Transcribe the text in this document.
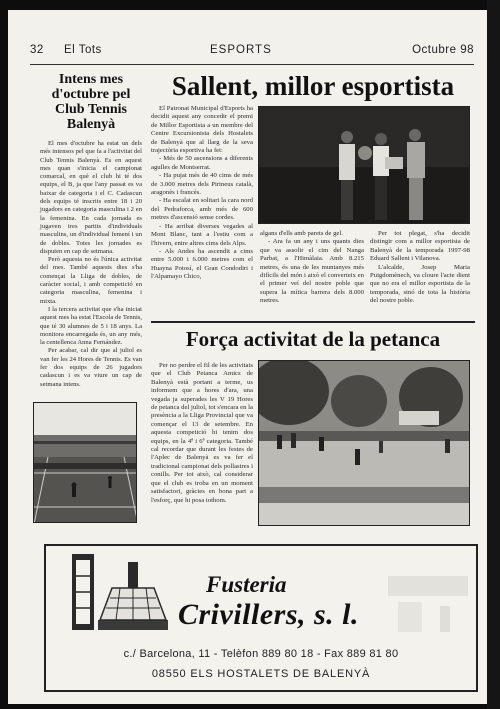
32 El Tots	ESPORTS	Octubre 98
Intens mes d'octubre pel Club Tennis Balenyà

El mes d'octubre ha estat un dels més intensos pel que fa a l'activitat del Club Tennis Balenyà. Es en aquest mes quan s'inicia el campionat comarcal, en què el club hi té dos equips, el B, ja que l'any passat es va baixar de categoria i el C. Cadascun dels equips té inscrits entre 18 i 20 jugadors en categoria masculina i 2 en la femenina. En cada jornada es jugaven tres partits d'individuals masculins, un d'individual femení i un de dobles. Totes les jornades es disputen en cap de setmana.

Però aquesta no és l'única activitat del mes. També aquests dies s'ha començat la Lliga de dobles, de caràcter social, i amb competició en categoria masculina, femenina i mixta.

I la tercera activitat que s'ha iniciat aquest mes ha estat l'Escola de Tennis, que té 30 alumnes de 5 i 18 anys. La monitora encarregada és, un any més, la centellenca Anna Fernández.

Per acabar, cal dir que al juliol es van fer les 24 Hores de Tennis. Es van fer dos equips de 26 jugadors cadascun i es va viure un cap de setmana intens.

Sallent, millor esportista

El Patronat Municipal d'Esports ha decidit aquest any concedir el premi de Millor Esportista a un membre del Centre Excursionista dels Hostalets de Balenyà que al llarg de la seva trajectòria esportiva ha fet:

- Més de 50 ascensions a diferents agulles de Montserrat.

- Ha pujat més de 40 cims de més de 3.000 metres dels Pirineus català, aragonès i francès.

- Ha escalat en solitari la cara nord del Pedraforca, amb més de 600 metres d'ascensió sense cordes.

- Ha arribat diverses vegades al Mont Blanc, tant a l'estiu com a l'hivern, entre altres cims dels Alps.

- Als Andes ha ascendit a cims entre 5.000 i 6.000 metres com el Huayna Potosí, el Gran Condodiri i l'Alpamayo Chico,

algans d'ells amb parets de gel.

- Ara fa un any i uns quants dies que va assolir el cim del Nanga Parbat, a l'Himàlaia. Amb 8.215 metres, és una de les muntanyes més difícils del món i això el converteix en el primer veí del nostre poble que supera la mítica barrera dels 8.000 metres.

Per tot plegat, s'ha decidit distingir com a millor esportista de Balenyà de la temporada 1997-98 Eduard Sallent i Vilanova.

L'alcalde, Josep Maria Puigdomènech, va cloure l'acte dient que no era el millor esportista de la temporada, sinó de tota la història del nostre poble.

Força activitat de la petanca

Per no perdre el fil de les activitats que el Club Petanca Amics de Balenyà està portant a terme, us informem que a hores d'ara, una vegada ja superades les V 19 Hores de petanca del juliol, tot s'encara en la presència a la Lliga Provincial que va començar el 13 de setembre. En aquesta competició hi tenim dos equips, en la 4ª i 6ª categoria. També cal recordar que durant les festes de l'Aplec de Balenyà es va fer el tradicional campionat dels pollastres i conills. Per tot això, cal considerar que el club es troba en un moment satisfactori, gràcies en bona part a l'esforç, que hi posa tothom.

Fusteria
Crivillers, s. l.
c./ Barcelona, 11 - Telèfon 889 80 18 - Fax 889 81 80
08550 ELS HOSTALETS DE BALENYÀ
